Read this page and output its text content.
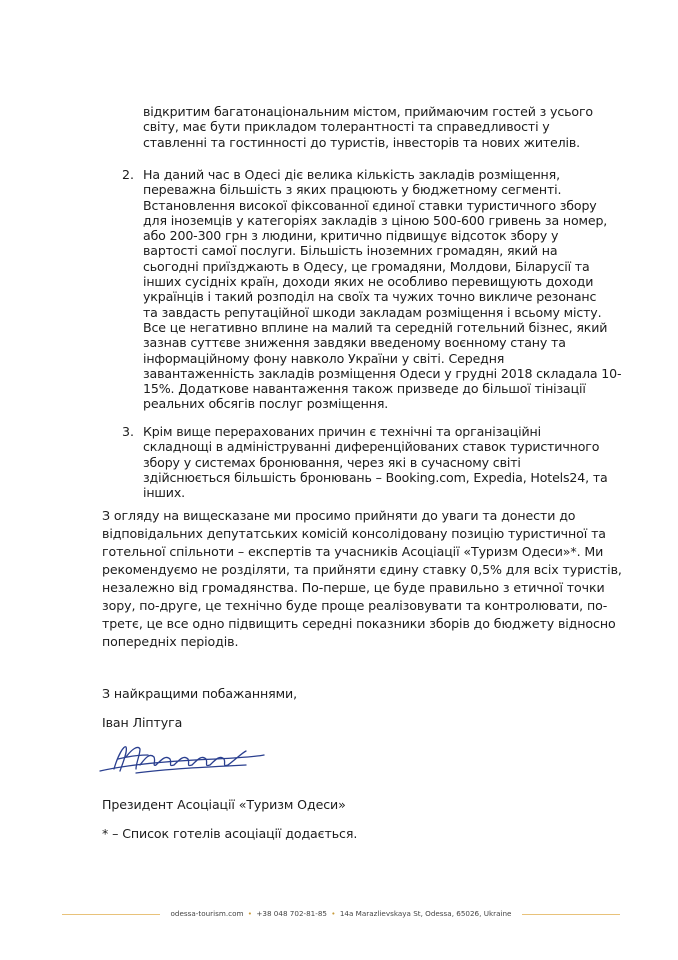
відкритим багатонаціональним містом, приймаючим гостей з усього
світу, має бути прикладом толерантності та справедливості у
ставленні та гостинності до туристів, інвесторів та нових жителів.
2. На даний час в Одесі діє велика кількість закладів розміщення,
переважна більшість з яких працюють у бюджетному сегменті.
Встановлення високої фіксованної єдиної ставки туристичного збору
для іноземців у категоріях закладів з ціною 500-600 гривень за номер,
або 200-300 грн з людини, критично підвищує відсоток збору у
вартості самої послуги. Більшість іноземних громадян, який на
сьогодні приїзджають в Одесу, це громадяни, Молдови, Біларусії та
інших сусідніх країн, доходи яких не особливо перевищують доходи
українців і такий розподіл на своїх та чужих точно викличе резонанс
та завдасть репутаційної шкоди закладам розміщення і всьому місту.
Все це негативно вплине на малий та середній готельний бізнес, який
зазнав суттєве зниження завдяки введеному воєнному стану та
інформаційному фону навколо України у світі. Середня
завантаженність закладів розміщення Одеси у грудні 2018 складала 10-
15%. Додаткове навантаження також призведе до більшої тінізації
реальних обсягів послуг розміщення.
3. Крім вище перерахованих причин є технічні та організаційні
складнощі в адмініструванні диференційованих ставок туристичного
збору у системах бронювання, через які в сучасному світі
здійснюється більшість бронювань – Booking.com, Expedia, Hotels24, та
інших.
З огляду на вищесказане ми просимо прийняти до уваги та донести до
відповідальних депутатських комісій консолідовану позицію туристичної та
готельної спільноти – експертів та учасників Асоціації «Туризм Одеси»*. Ми
рекомендуємо не розділяти, та прийняти єдину ставку 0,5% для всіх туристів,
незалежно від громадянства. По-перше, це буде правильно з етичної точки
зору, по-друге, це технічно буде проще реалізовувати та контролювати, по-
третє, це все одно підвищить середні показники зборів до бюджету відносно
попередніх періодів.
З найкращими побажаннями,
Іван Ліптуга
Президент Асоціації «Туризм Одеси»
* – Список готелів асоціації додається.
odessa-tourism.com • +38 048 702-81-85 • 14a Marazlievskaya St, Odessa, 65026, Ukraine
